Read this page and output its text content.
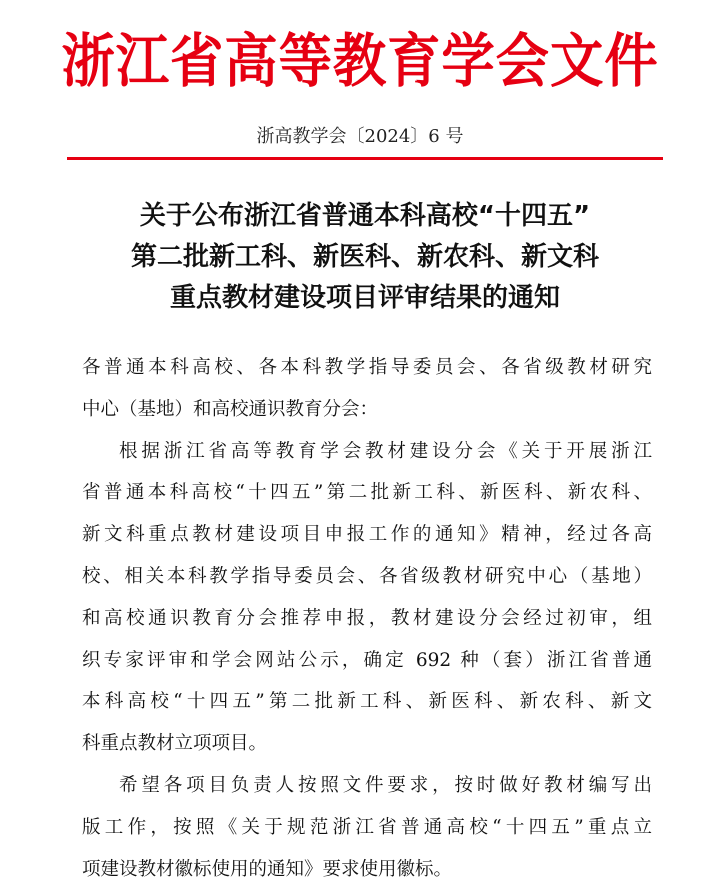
浙江省高等教育学会文件
浙高教学会〔2024〕6 号
关于公布浙江省普通本科高校“十四五”
第二批新工科、新医科、新农科、新文科
重点教材建设项目评审结果的通知
各普通本科高校、各本科教学指导委员会、各省级教材研究
中心（基地）和高校通识教育分会：
根据浙江省高等教育学会教材建设分会《关于开展浙江
省普通本科高校“十四五”第二批新工科、新医科、新农科、
新文科重点教材建设项目申报工作的通知》精神，经过各高
校、相关本科教学指导委员会、各省级教材研究中心（基地）
和高校通识教育分会推荐申报，教材建设分会经过初审，组
织专家评审和学会网站公示，确定 692 种（套）浙江省普通
本科高校“十四五”第二批新工科、新医科、新农科、新文
科重点教材立项项目。
希望各项目负责人按照文件要求，按时做好教材编写出
版工作，按照《关于规范浙江省普通高校“十四五”重点立
项建设教材徽标使用的通知》要求使用徽标。
